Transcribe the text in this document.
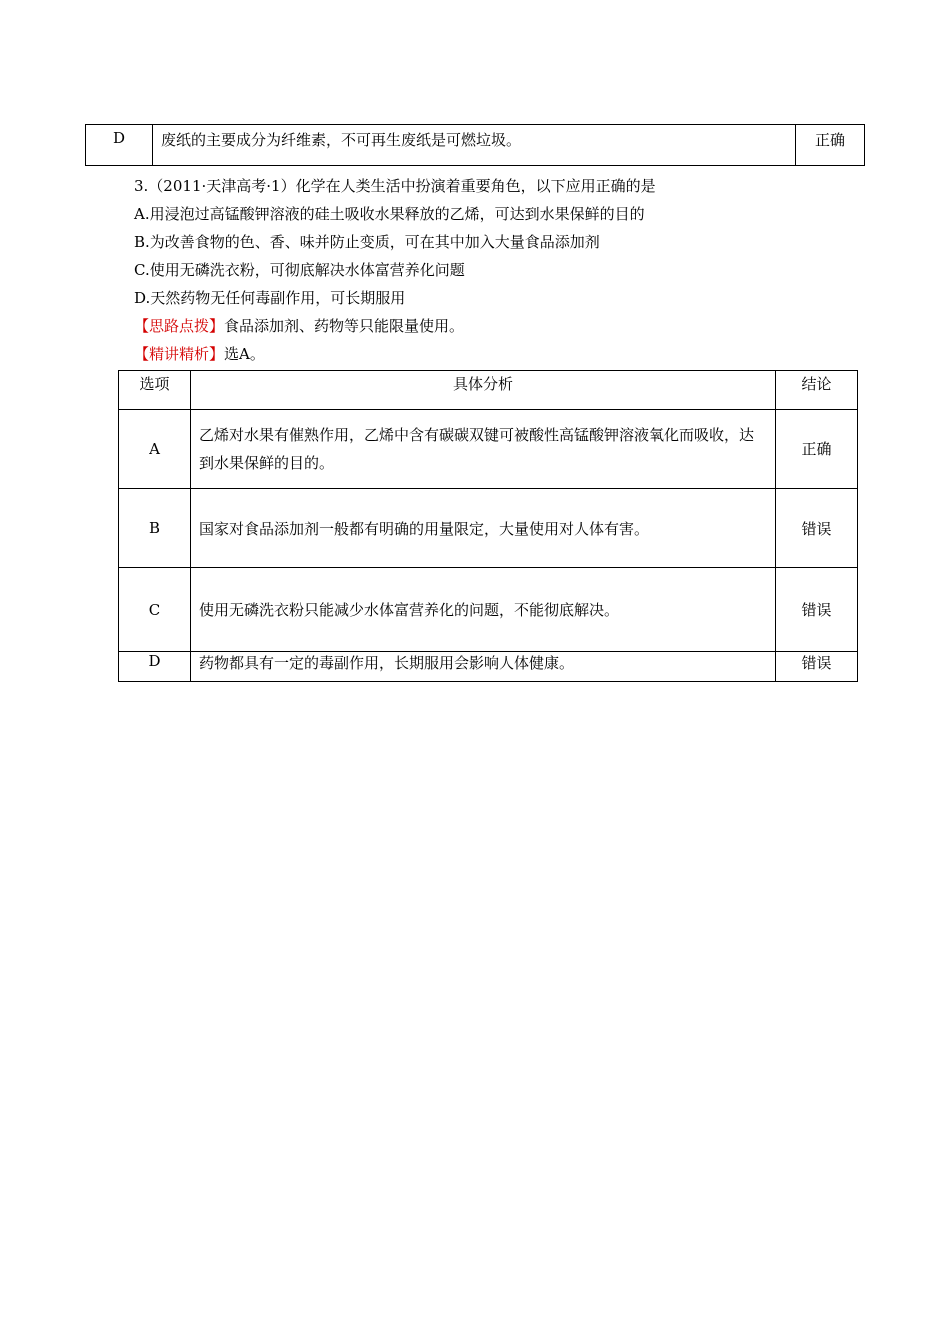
D	废纸的主要成分为纤维素，不可再生废纸是可燃垃圾。	正确
3.（2011·天津高考·1）化学在人类生活中扮演着重要角色，以下应用正确的是
A.用浸泡过高锰酸钾溶液的硅土吸收水果释放的乙烯，可达到水果保鲜的目的
B.为改善食物的色、香、味并防止变质，可在其中加入大量食品添加剂
C.使用无磷洗衣粉，可彻底解决水体富营养化问题
D.天然药物无任何毒副作用，可长期服用
【思路点拨】食品添加剂、药物等只能限量使用。
【精讲精析】选A。
选项	具体分析	结论
A	乙烯对水果有催熟作用，乙烯中含有碳碳双键可被酸性高锰酸钾溶液氧化而吸收，达到水果保鲜的目的。	正确
B	国家对食品添加剂一般都有明确的用量限定，大量使用对人体有害。	错误
C	使用无磷洗衣粉只能减少水体富营养化的问题，不能彻底解决。	错误
D	药物都具有一定的毒副作用，长期服用会影响人体健康。	错误
